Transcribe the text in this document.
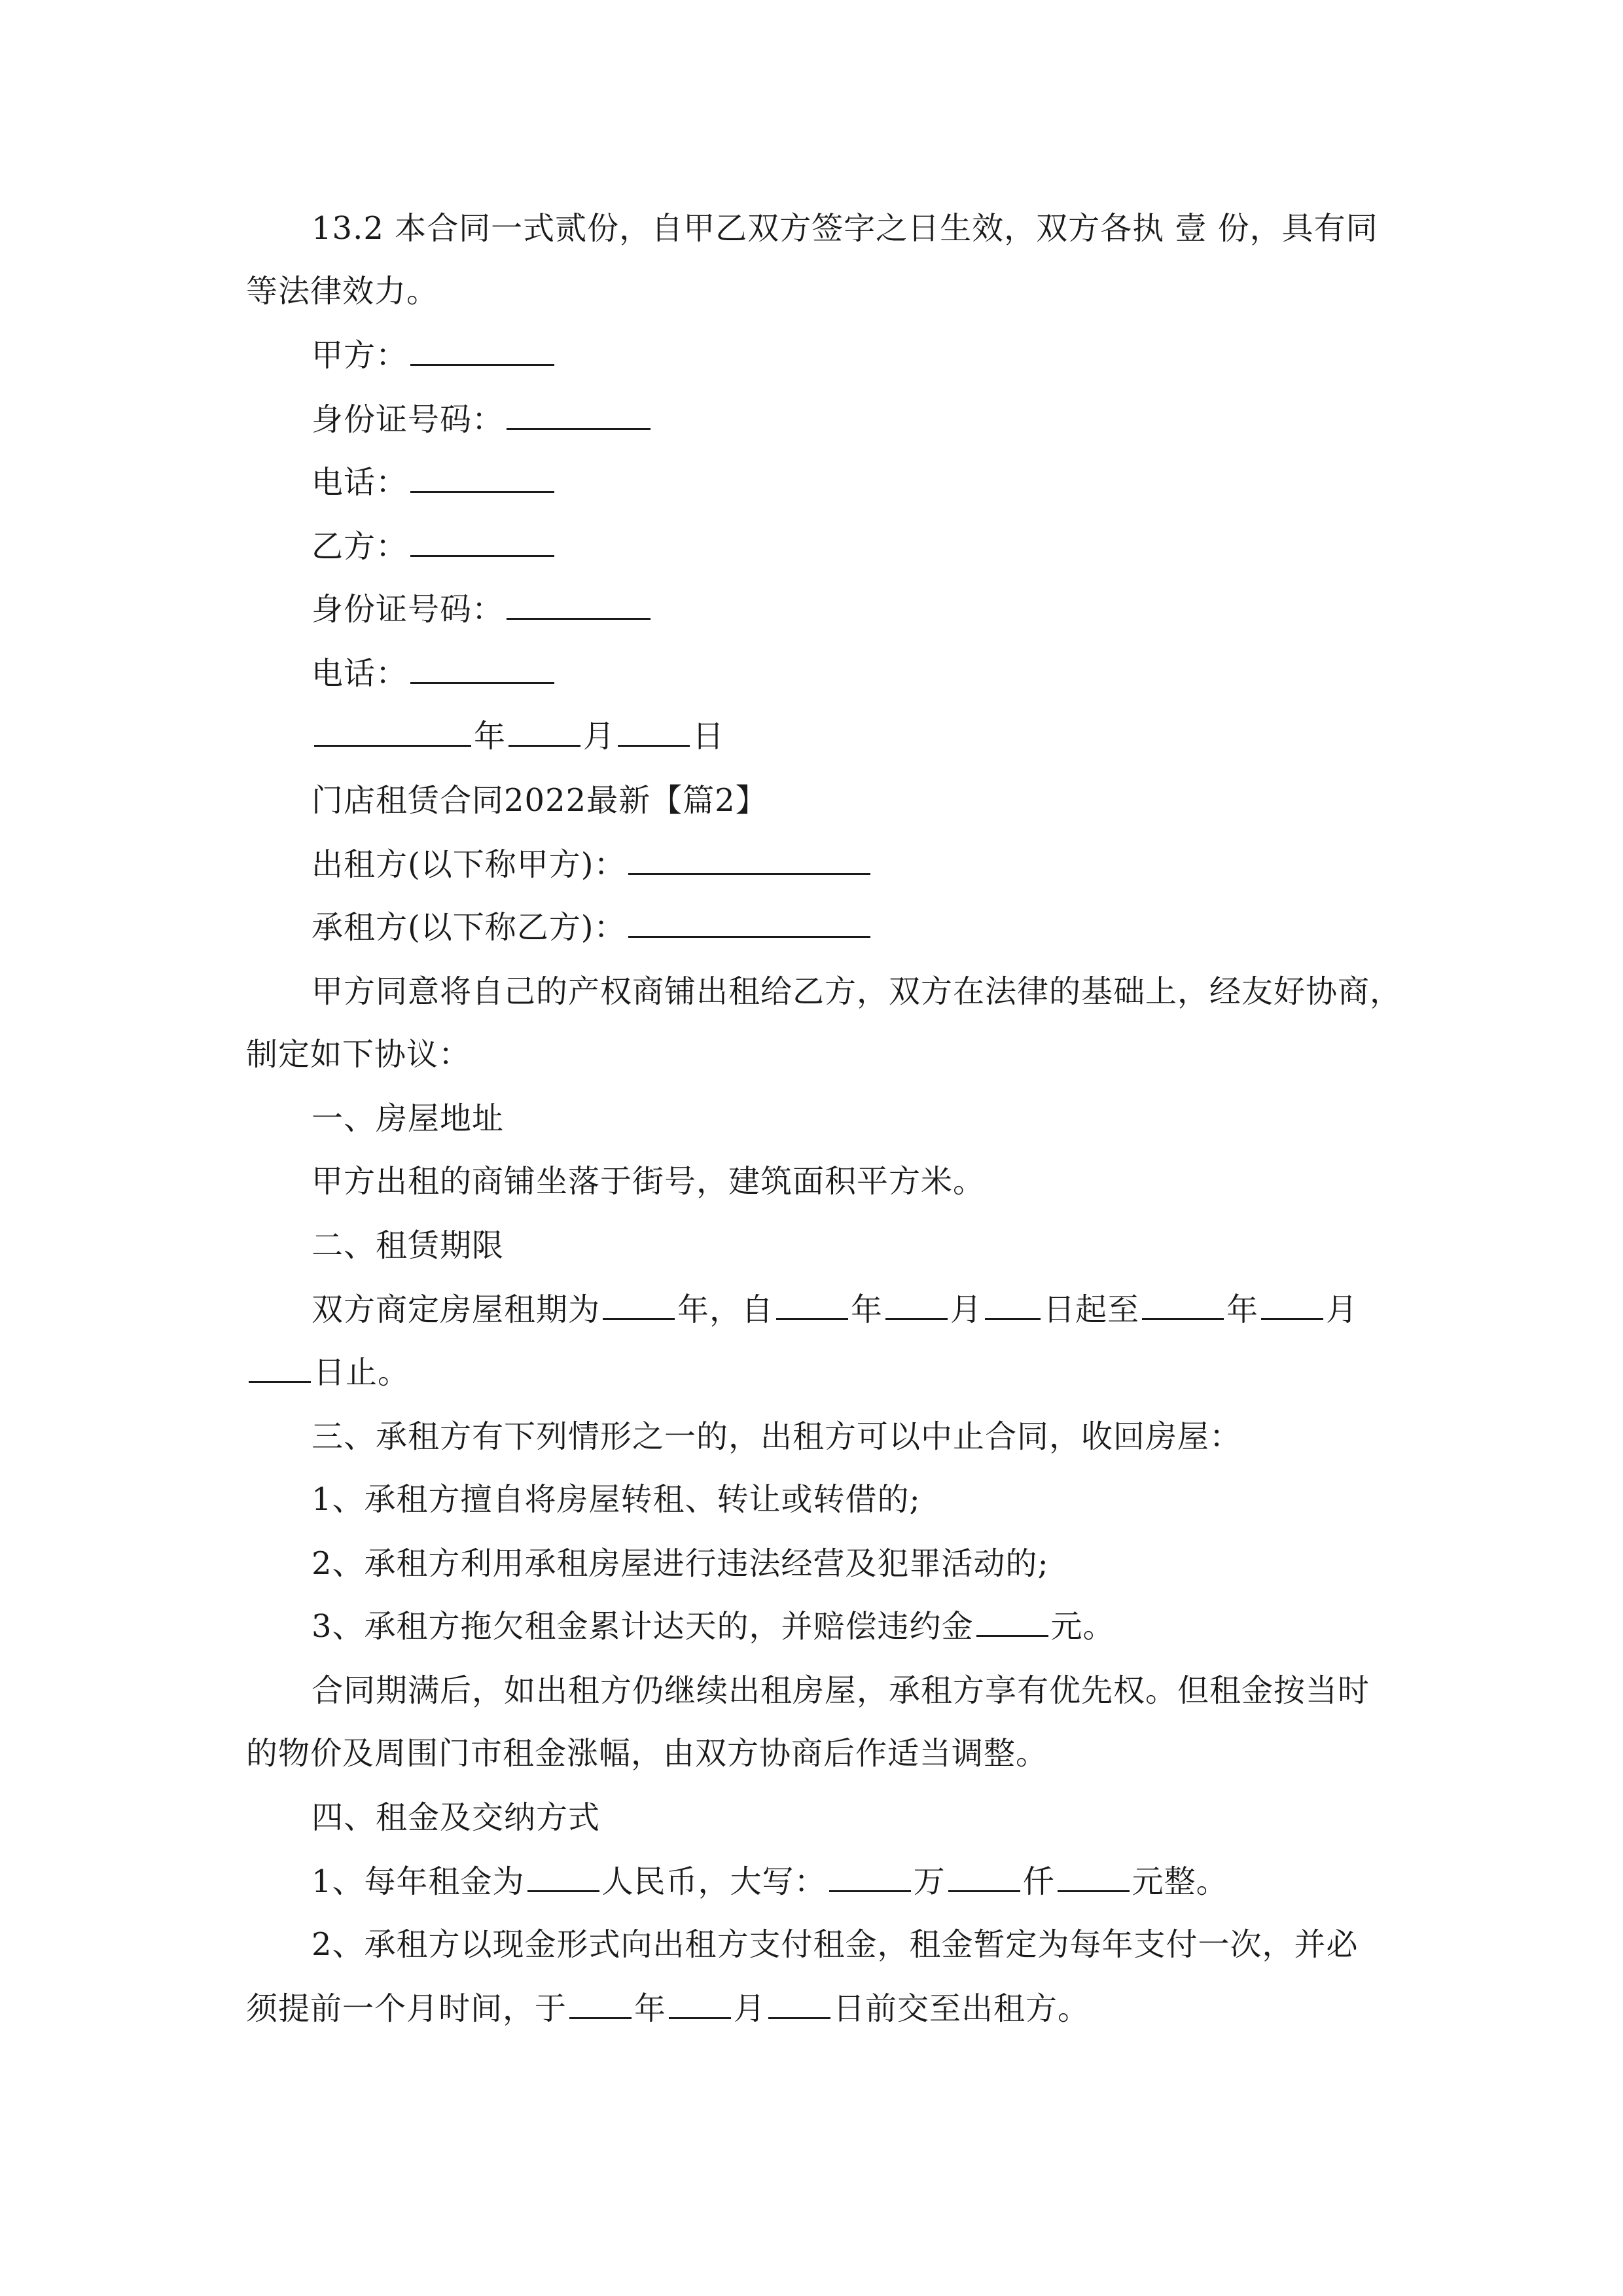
13.2 本合同一式贰份，自甲乙双方签字之日生效，双方各执 壹 份，具有同
等法律效力。
甲方：
身份证号码：
电话：
乙方：
身份证号码：
电话：
年 月 日
门店租赁合同2022最新【篇2】
出租方(以下称甲方)：
承租方(以下称乙方)：
甲方同意将自己的产权商铺出租给乙方，双方在法律的基础上，经友好协商，
制定如下协议：
一、房屋地址
甲方出租的商铺坐落于街号，建筑面积平方米。
二、租赁期限
双方商定房屋租期为 年，自 年 月 日起至	年 月
日止。
三、承租方有下列情形之一的，出租方可以中止合同，收回房屋：
1、承租方擅自将房屋转租、转让或转借的;
2、承租方利用承租房屋进行违法经营及犯罪活动的;
3、承租方拖欠租金累计达天的，并赔偿违约金 元。
合同期满后，如出租方仍继续出租房屋，承租方享有优先权。但租金按当时
的物价及周围门市租金涨幅，由双方协商后作适当调整。
四、租金及交纳方式
1、每年租金为 人民币，大写：	万 仟 元整。
2、承租方以现金形式向出租方支付租金，租金暂定为每年支付一次，并必
须提前一个月时间，于 年 月 日前交至出租方。
